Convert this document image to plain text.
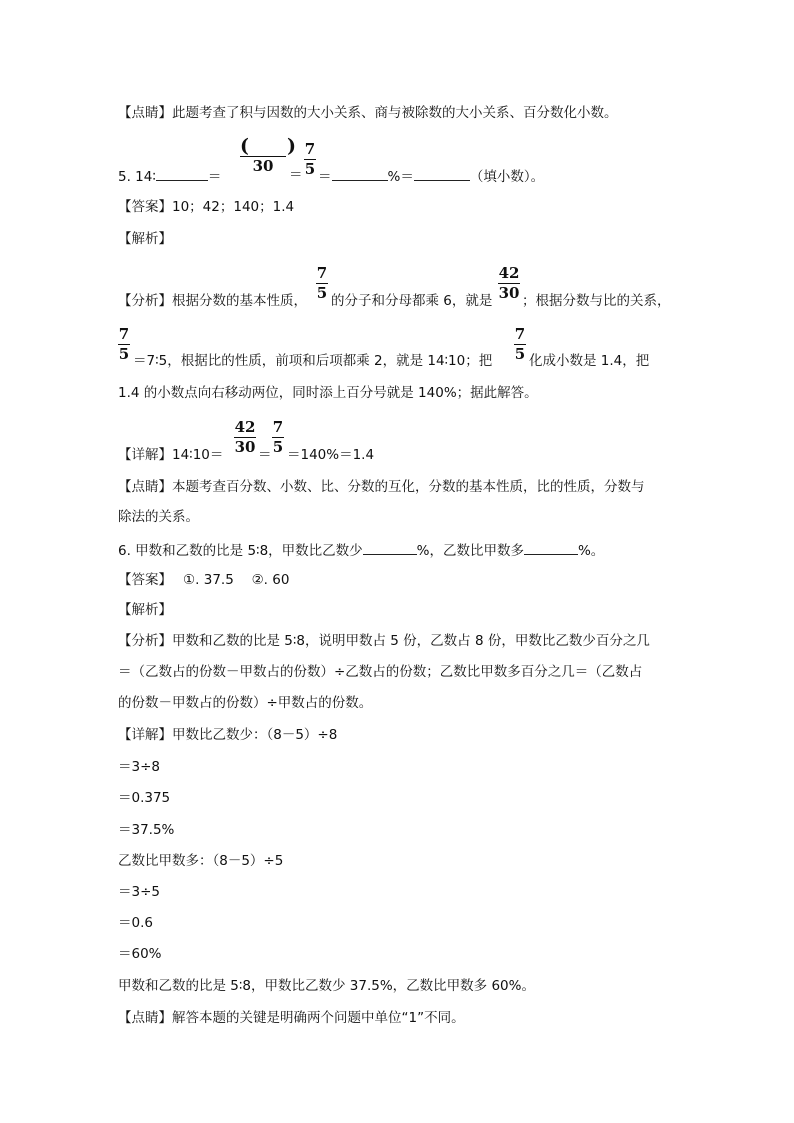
【点睛】此题考查了积与因数的大小关系、商与被除数的大小关系、百分数化小数。
5. 14∶	＝
(　　)
30	＝
7
5 ＝	%＝	（填小数）。
【答案】10；42；140；1.4
【解析】
【分析】根据分数的基本性质，
7
5 的分子和分母都乘 6，就是
42
30 ；根据分数与比的关系，
7
5 ＝7∶5，根据比的性质，前项和后项都乘 2，就是 14∶10；把
7
5 化成小数是 1.4，把
1.4 的小数点向右移动两位，同时添上百分号就是 140%；据此解答。
【详解】14∶10＝
42
30 ＝
7
5 ＝140%＝1.4
【点睛】本题考查百分数、小数、比、分数的互化，分数的基本性质，比的性质，分数与
除法的关系。
6. 甲数和乙数的比是 5∶8，甲数比乙数少	%，乙数比甲数多	%。
【答案】　 ①. 37.5　 ②. 60
【解析】
【分析】甲数和乙数的比是 5∶8，说明甲数占 5 份，乙数占 8 份，甲数比乙数少百分之几
＝（乙数占的份数－甲数占的份数）÷乙数占的份数；乙数比甲数多百分之几＝（乙数占
的份数－甲数占的份数）÷甲数占的份数。
【详解】甲数比乙数少：（8－5）÷8
＝3÷8
＝0.375
＝37.5%
乙数比甲数多：（8－5）÷5
＝3÷5
＝0.6
＝60%
甲数和乙数的比是 5∶8，甲数比乙数少 37.5%，乙数比甲数多 60%。
【点睛】解答本题的关键是明确两个问题中单位“1”不同。
